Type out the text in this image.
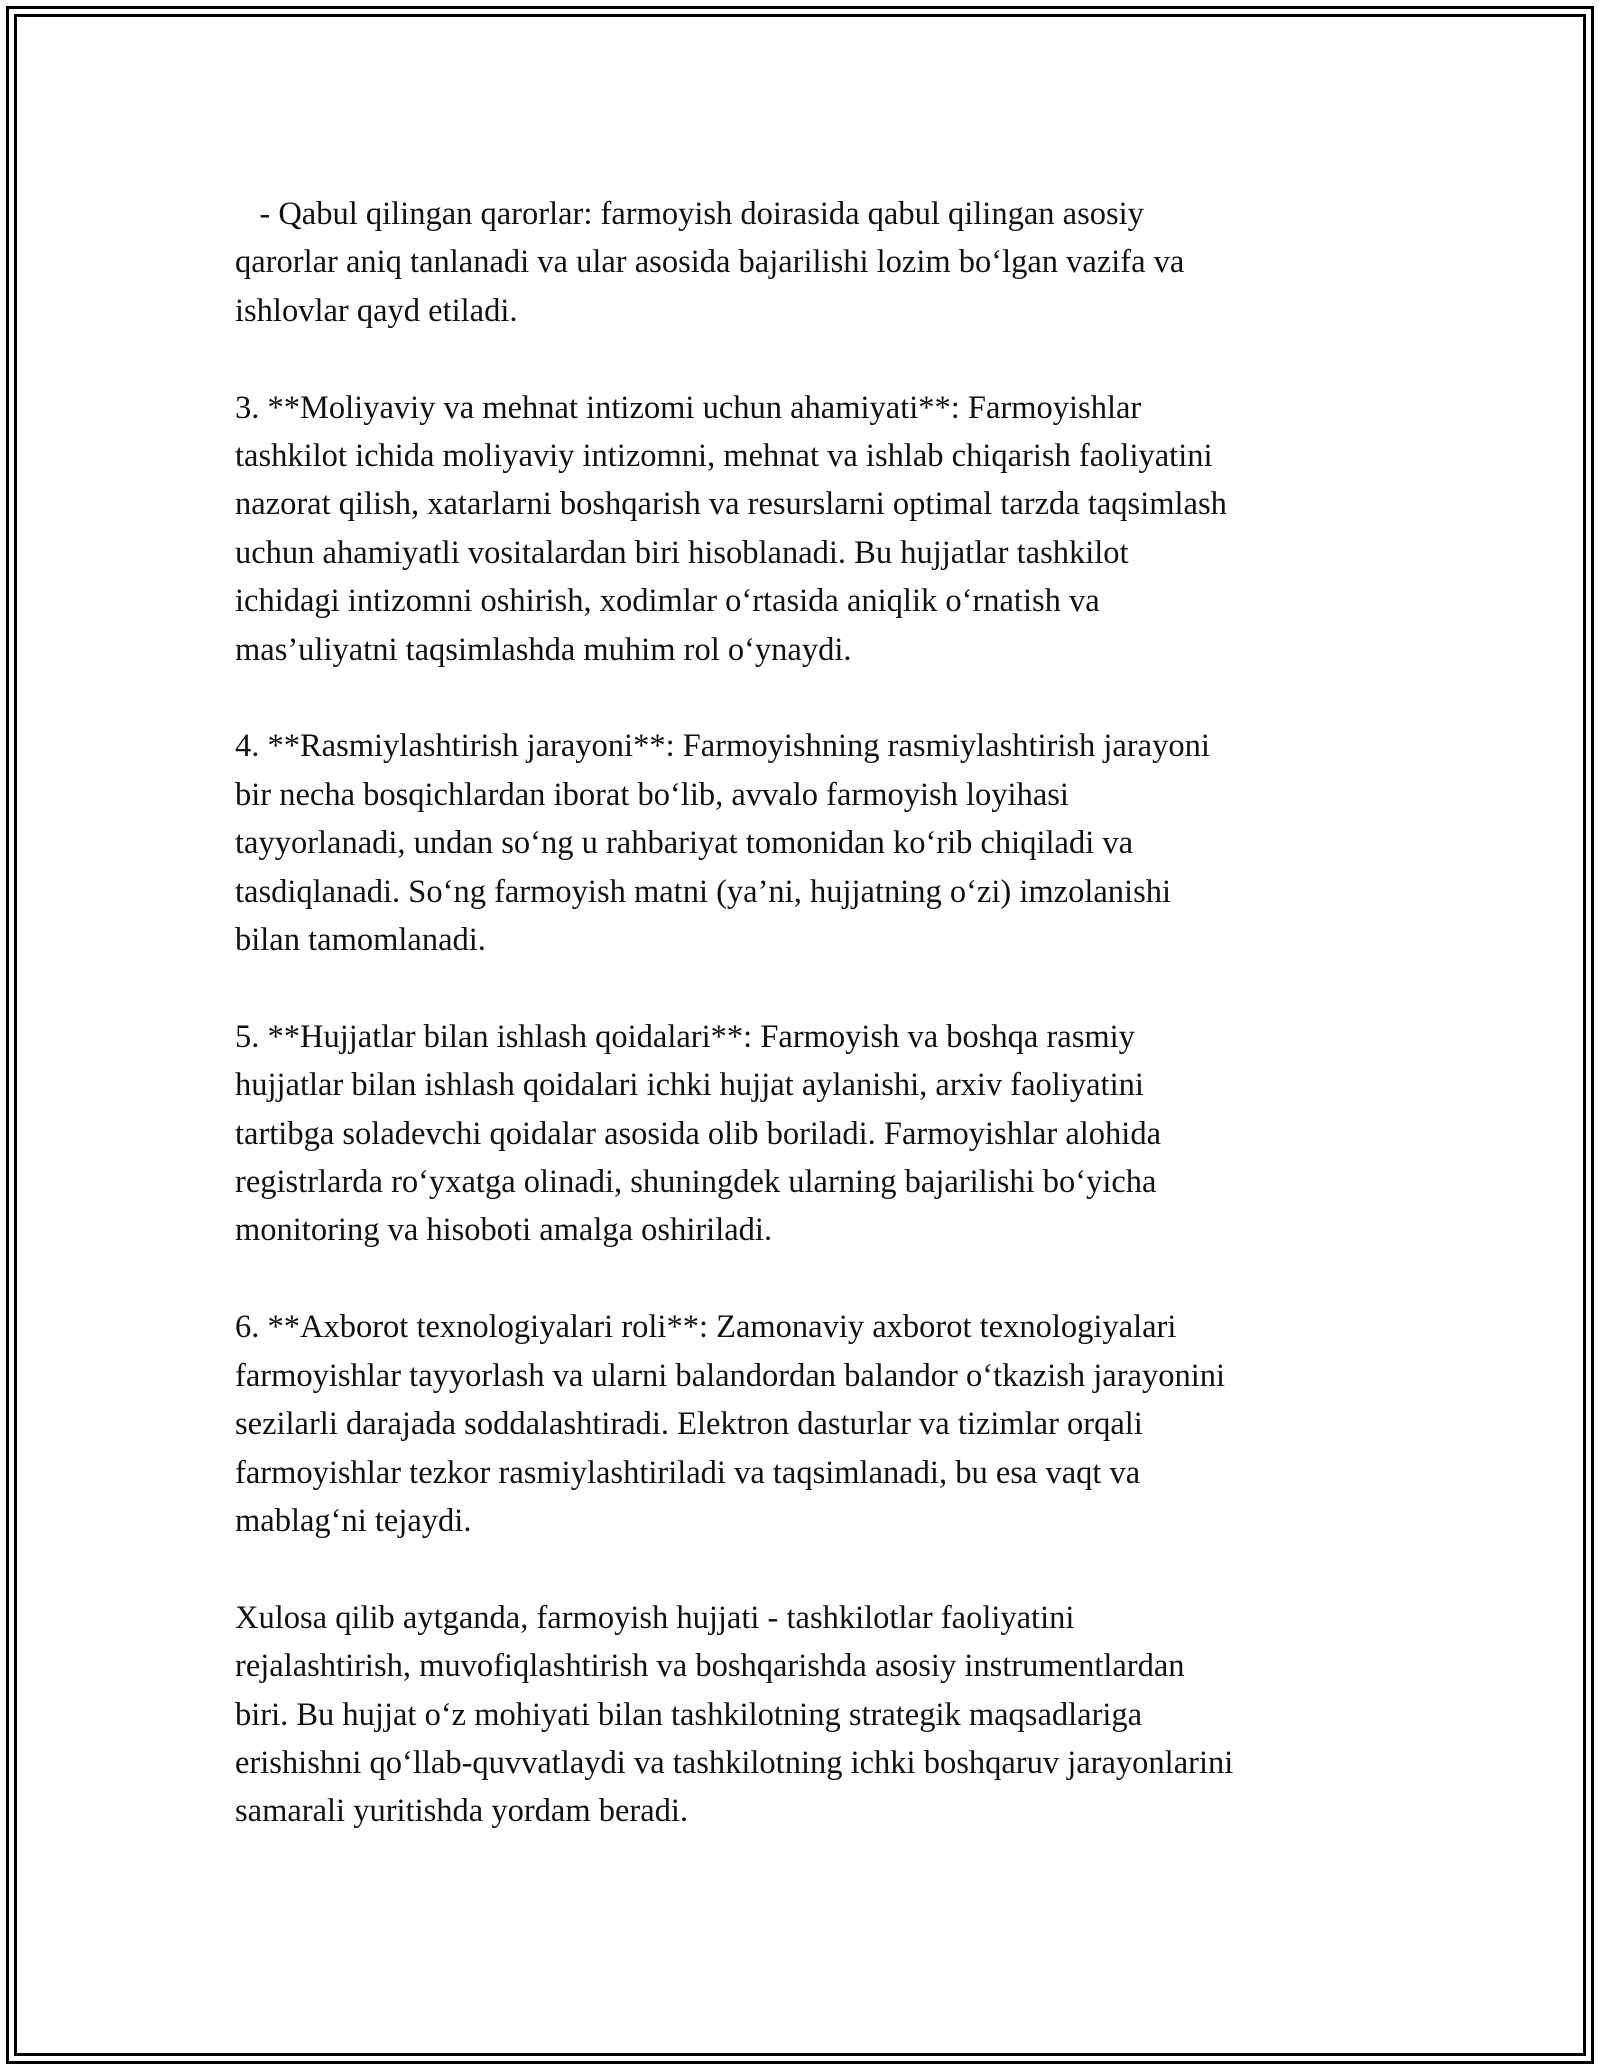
- Qabul qilingan qarorlar: farmoyish doirasida qabul qilingan asosiy
qarorlar aniq tanlanadi va ular asosida bajarilishi lozim bo‘lgan vazifa va
ishlovlar qayd etiladi.

3. **Moliyaviy va mehnat intizomi uchun ahamiyati**: Farmoyishlar
tashkilot ichida moliyaviy intizomni, mehnat va ishlab chiqarish faoliyatini
nazorat qilish, xatarlarni boshqarish va resurslarni optimal tarzda taqsimlash
uchun ahamiyatli vositalardan biri hisoblanadi. Bu hujjatlar tashkilot
ichidagi intizomni oshirish, xodimlar o‘rtasida aniqlik o‘rnatish va
mas’uliyatni taqsimlashda muhim rol o‘ynaydi.

4. **Rasmiylashtirish jarayoni**: Farmoyishning rasmiylashtirish jarayoni
bir necha bosqichlardan iborat bo‘lib, avvalo farmoyish loyihasi
tayyorlanadi, undan so‘ng u rahbariyat tomonidan ko‘rib chiqiladi va
tasdiqlanadi. So‘ng farmoyish matni (ya’ni, hujjatning o‘zi) imzolanishi
bilan tamomlanadi.

5. **Hujjatlar bilan ishlash qoidalari**: Farmoyish va boshqa rasmiy
hujjatlar bilan ishlash qoidalari ichki hujjat aylanishi, arxiv faoliyatini
tartibga soladevchi qoidalar asosida olib boriladi. Farmoyishlar alohida
registrlarda ro‘yxatga olinadi, shuningdek ularning bajarilishi bo‘yicha
monitoring va hisoboti amalga oshiriladi.

6. **Axborot texnologiyalari roli**: Zamonaviy axborot texnologiyalari
farmoyishlar tayyorlash va ularni balandordan balandor o‘tkazish jarayonini
sezilarli darajada soddalashtiradi. Elektron dasturlar va tizimlar orqali
farmoyishlar tezkor rasmiylashtiriladi va taqsimlanadi, bu esa vaqt va
mablag‘ni tejaydi.

Xulosa qilib aytganda, farmoyish hujjati - tashkilotlar faoliyatini
rejalashtirish, muvofiqlashtirish va boshqarishda asosiy instrumentlardan
biri. Bu hujjat o‘z mohiyati bilan tashkilotning strategik maqsadlariga
erishishni qo‘llab-quvvatlaydi va tashkilotning ichki boshqaruv jarayonlarini
samarali yuritishda yordam beradi.
